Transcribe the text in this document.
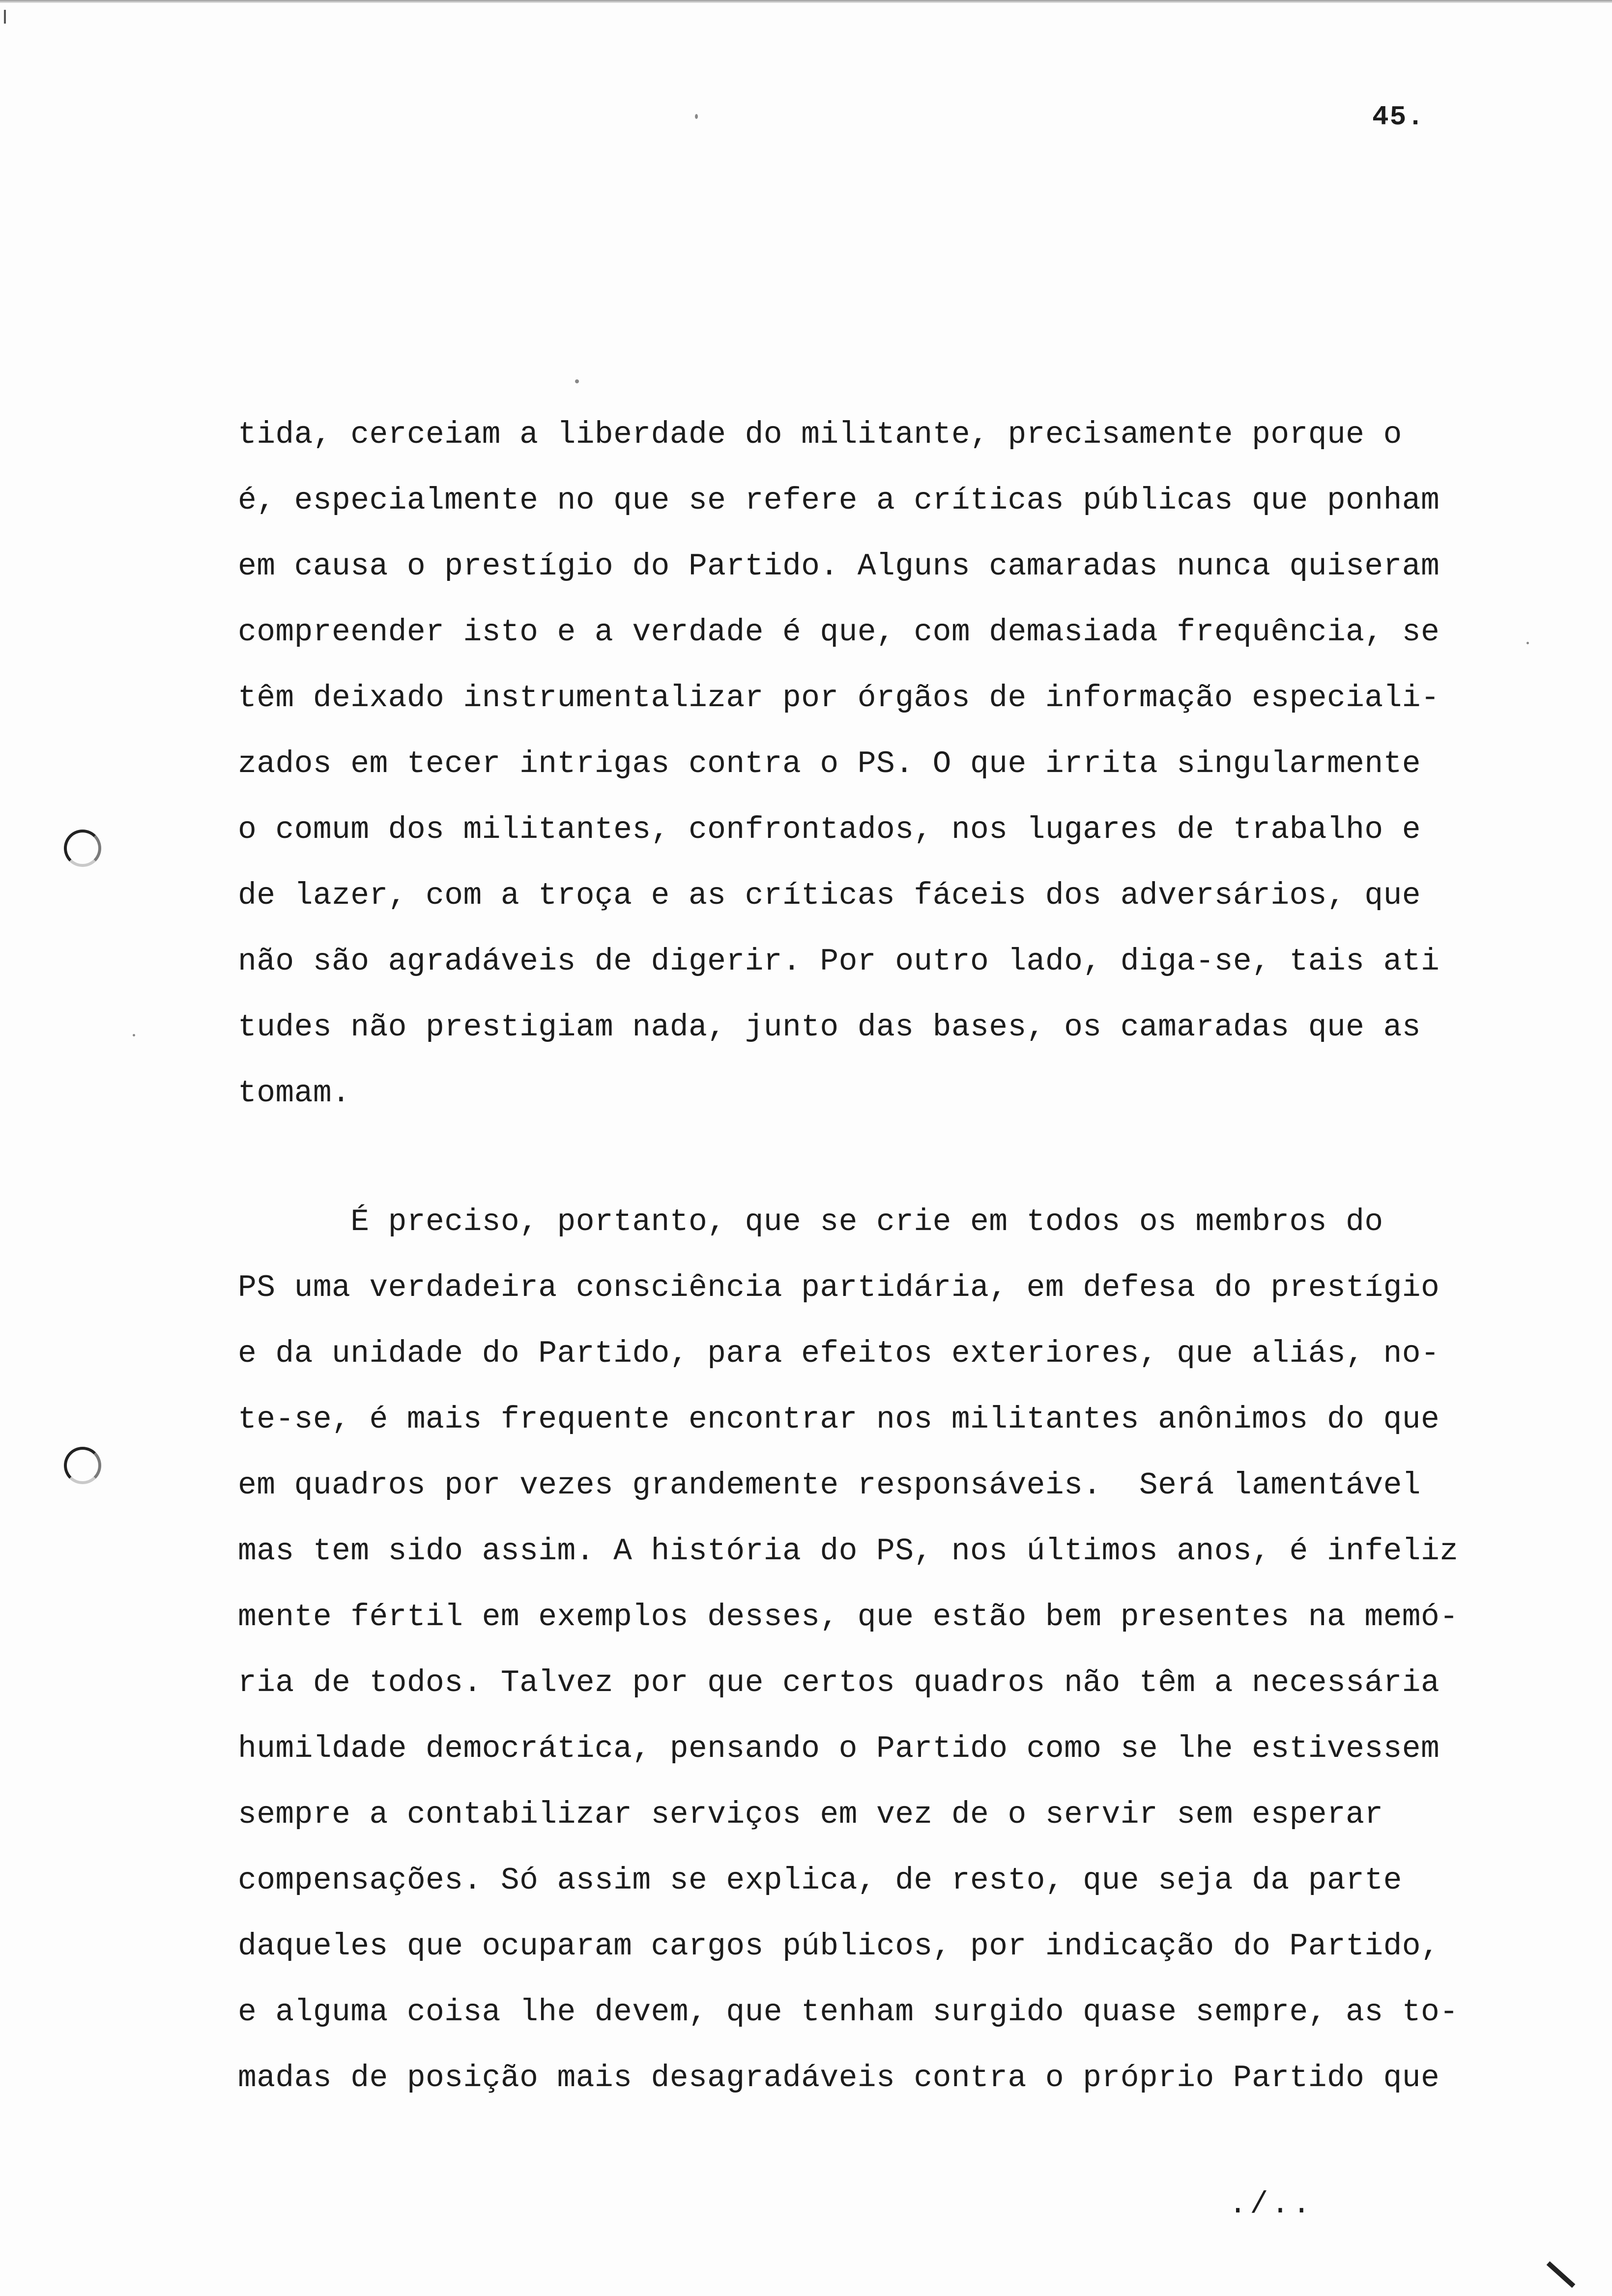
45.
tida, cerceiam a liberdade do militante, precisamente porque o
é, especialmente no que se refere a críticas públicas que ponham
em causa o prestígio do Partido. Alguns camaradas nunca quiseram
compreender isto e a verdade é que, com demasiada frequência, se
têm deixado instrumentalizar por órgãos de informação especiali-
zados em tecer intrigas contra o PS. O que irrita singularmente
o comum dos militantes, confrontados, nos lugares de trabalho e
de lazer, com a troça e as críticas fáceis dos adversários, que
não são agradáveis de digerir. Por outro lado, diga-se, tais ati
tudes não prestigiam nada, junto das bases, os camaradas que as
tomam.
É preciso, portanto, que se crie em todos os membros do
PS uma verdadeira consciência partidária, em defesa do prestígio
e da unidade do Partido, para efeitos exteriores, que aliás, no-
te-se, é mais frequente encontrar nos militantes anônimos do que
em quadros por vezes grandemente responsáveis.  Será lamentável
mas tem sido assim. A história do PS, nos últimos anos, é infeliz
mente fértil em exemplos desses, que estão bem presentes na memó-
ria de todos. Talvez por que certos quadros não têm a necessária
humildade democrática, pensando o Partido como se lhe estivessem
sempre a contabilizar serviços em vez de o servir sem esperar
compensações. Só assim se explica, de resto, que seja da parte
daqueles que ocuparam cargos públicos, por indicação do Partido,
e alguma coisa lhe devem, que tenham surgido quase sempre, as to-
madas de posição mais desagradáveis contra o próprio Partido que
./..
